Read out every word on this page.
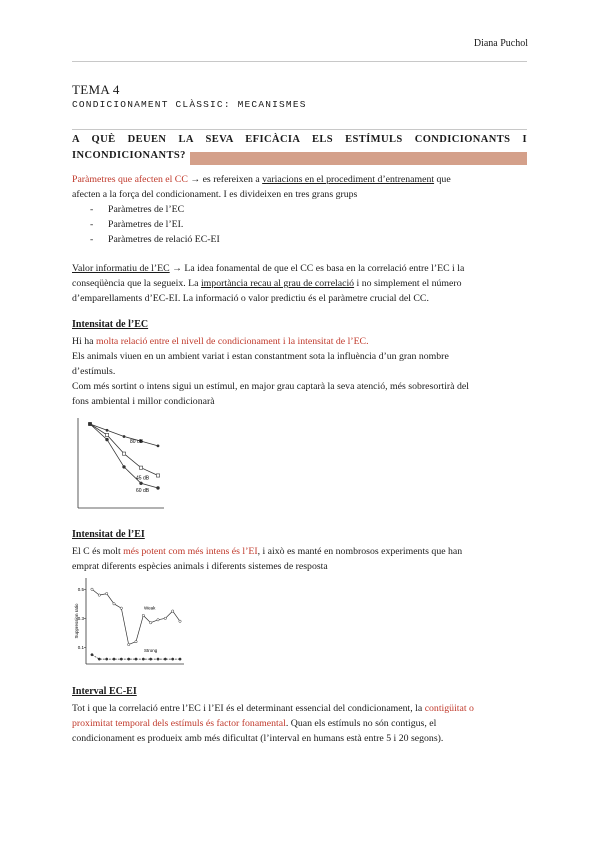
Diana Puchol
TEMA 4
CONDICIONAMENT CLÀSSIC: MECANISMES
A QUÈ DEUEN LA SEVA EFICÀCIA ELS ESTÍMULS CONDICIONANTS I
INCONDICIONANTS?
Paràmetres que afecten el CC → es refereixen a variacions en el procediment d’entrenament que
afecten a la força del condicionament. I es divideixen en tres grans grups
- Paràmetres de l’EC
- Paràmetres de l’EI.
- Paràmetres de relació EC-EI
Valor informatiu de l’EC → La idea fonamental de que el CC es basa en la correlació entre l’EC i la
conseqüència que la segueix. La importància recau al grau de correlació i no simplement el número
d’emparellaments d’EC-EI. La informació o valor predictiu és el paràmetre crucial del CC.
Intensitat de l’EC
Hi ha molta relació entre el nivell de condicionament i la intensitat de l’EC.
Els animals viuen en un ambient variat i estan constantment sota la influència d’un gran nombre
d’estímuls.
Com més sortint o intens sigui un estímul, en major grau captarà la seva atenció, més sobresortirà del
fons ambiental i millor condicionarà
80 dB
45 dB
60 dB
Intensitat de l’EI
El C és molt més potent com més intens és l’EI, i això es manté en nombrosos experiments que han
emprat diferents espècies animals i diferents sistemes de resposta
0.5
0.3
0.1
Suppression ratio	Weak
Strong
Interval EC-EI
Tot i que la correlació entre l’EC i l’EI és el determinant essencial del condicionament, la contigüitat o
proximitat temporal dels estímuls és factor fonamental. Quan els estímuls no són contigus, el
condicionament es produeix amb més dificultat (l’interval en humans està entre 5 i 20 segons).
